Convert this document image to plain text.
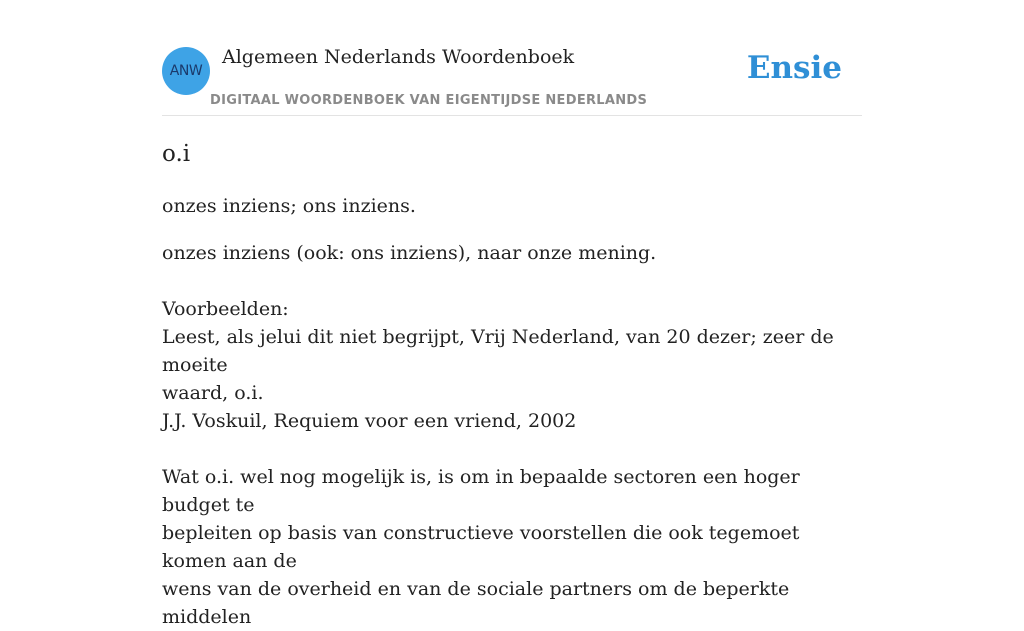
ANW
Algemeen Nederlands Woordenboek
DIGITAAL WOORDENBOEK VAN EIGENTIJDSE NEDERLANDS
Ensie
o.i

onzes inziens; ons inziens.

onzes inziens (ook: ons inziens), naar onze mening.

Voorbeelden:

Leest, als jelui dit niet begrijpt, Vrij Nederland, van 20 dezer; zeer de moeite

waard, o.i.

J.J. Voskuil, Requiem voor een vriend, 2002

Wat o.i. wel nog mogelijk is, is om in bepaalde sectoren een hoger budget te

bepleiten op basis van constructieve voorstellen die ook tegemoet komen aan de

wens van de overheid en van de sociale partners om de beperkte middelen
